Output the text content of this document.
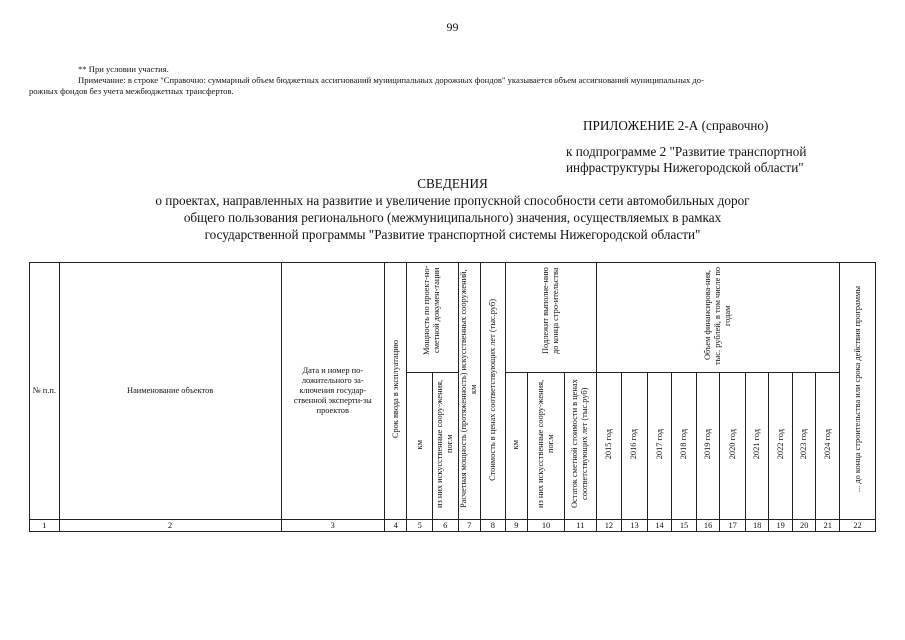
99
** При условии участия.
Примечание: в строке "Справочно: суммарный объем бюджетных ассигнований муниципальных дорожных фондов" указывается объем ассигнований муниципальных до-
рожных фондов без учета межбюджетных трансфертов.
ПРИЛОЖЕНИЕ 2-А (справочно)
к подпрограмме 2 "Развитие транспортной
инфраструктуры Нижегородской области"
СВЕДЕНИЯ
о проектах, направленных на развитие и увеличение пропускной способности сети автомобильных дорог
общего пользования регионального (межмуниципального) значения, осуществляемых в рамках
государственной программы "Развитие транспортной системы Нижегородской области"
№ п.п.	Наименование объектов	Дата и номер по-ложительного за-ключения государ-ственной эксперти-зы проектов	Срок ввода в эксплуатацию	Мощность по проект-но-сметной докумен-тации		Расчетная мощность (протяженность) искусственных сооружений, км	Стоимость в ценах соответствующих лет (тыс.руб)	Подлежит выполне-нию до конца стро-ительства			Объем финансирова-ния, тыс. рублей, в том числе по годам										... до конца строительства или срока действия программы
				км	из них искусственные соору-жения, пог.м			км	из них искусственные соору-жения, пог.м	Остаток сметной стоимости в ценах соответствующих лет (тыс.руб)	2015 год	2016 год	2017 год	2018 год	2019 год	2020 год	2021 год	2022 год	2023 год	2024 год	
1	2	3	4	5	6	7	8	9	10	11	12	13	14	15	16	17	18	19	20	21	22
